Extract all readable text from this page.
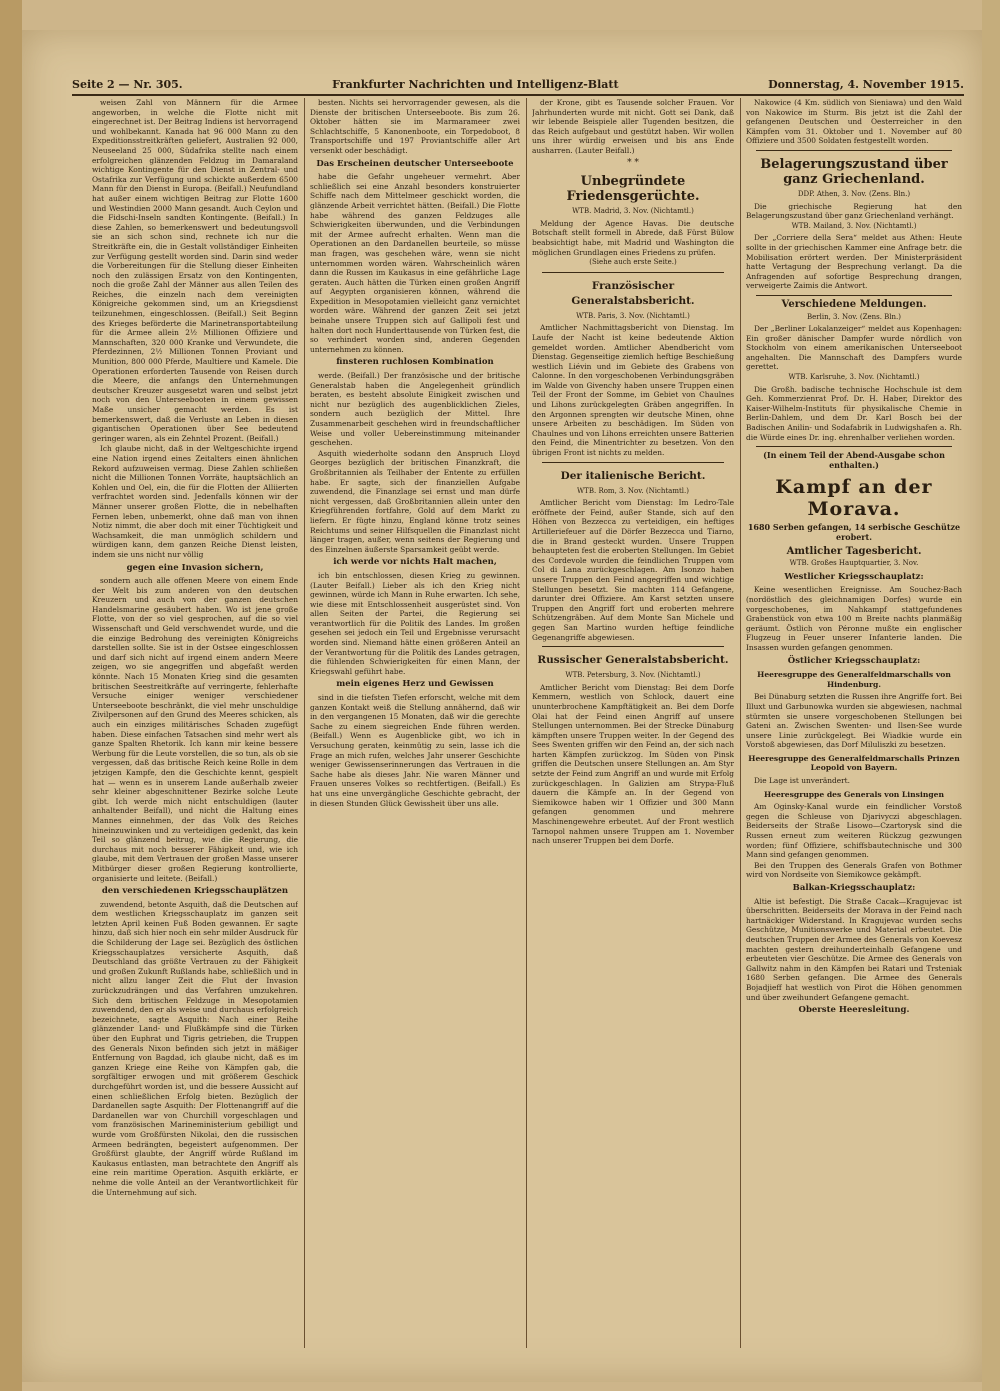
Seite 2 — Nr. 305.	Frankfurter Nachrichten und Intelligenz-Blatt	Donnerstag, 4. November 1915.

weisen Zahl von Männern für die Armee angeworben, in welche die Flotte nicht mit eingerechnet ist. Der Beitrag Indiens ist hervorragend und wohlbekannt. Kanada hat 96 000 Mann zu den Expeditionsstreitkräften geliefert, Australien 92 000, Neuseeland 25 000, Südafrika stellte nach einem erfolgreichen glänzenden Feldzug im Damaraland wichtige Kontingente für den Dienst in Zentral- und Ostafrika zur Verfügung und schickte außerdem 6500 Mann für den Dienst in Europa. (Beifall.) Neufundland hat außer einem wichtigen Beitrag zur Flotte 1600 und Westindien 2000 Mann gesandt. Auch Ceylon und die Fidschi-Inseln sandten Kontingente. (Beifall.) In diese Zahlen, so bemerkenswert und bedeutungsvoll sie an sich schon sind, rechnete ich nur die Streitkräfte ein, die in Gestalt vollständiger Einheiten zur Verfügung gestellt worden sind. Darin sind weder die Vorbereitungen für die Stellung dieser Einheiten noch den zulässigen Ersatz von den Kontingenten, noch die große Zahl der Männer aus allen Teilen des Reiches, die einzeln nach dem vereinigten Königreiche gekommen sind, um an Kriegsdienst teilzunehmen, eingeschlossen. (Beifall.) Seit Beginn des Krieges beförderte die Marinetransportabteilung für die Armee allein 2½ Millionen Offiziere und Mannschaften, 320 000 Kranke und Verwundete, die Pferdezinnen, 2½ Millionen Tonnen Proviant und Munition, 800 000 Pferde, Maultiere und Kamele. Die Operationen erforderten Tausende von Reisen durch die Meere, die anfangs den Unternehmungen deutscher Kreuzer ausgesetzt waren und selbst jetzt noch von den Unterseebooten in einem gewissen Maße unsicher gemacht werden. Es ist bemerkenswert, daß die Verluste an Leben in diesen gigantischen Operationen über See bedeutend geringer waren, als ein Zehntel Prozent. (Beifall.)

Ich glaube nicht, daß in der Weltgeschichte irgend eine Nation irgend eines Zeitalters einen ähnlichen Rekord aufzuweisen vermag. Diese Zahlen schließen nicht die Millionen Tonnen Vorräte, hauptsächlich an Kohlen und Oel, ein, die für die Flotten der Alliierten verfrachtet worden sind. Jedenfalls können wir der Männer unserer großen Flotte, die in nebelhaften Fernen leben, unbemerkt, ohne daß man von ihnen Notiz nimmt, die aber doch mit einer Tüchtigkeit und Wachsamkeit, die man unmöglich schildern und würdigen kann, dem ganzen Reiche Dienst leisten, indem sie uns nicht nur völlig

gegen eine Invasion sichern,

sondern auch alle offenen Meere von einem Ende der Welt bis zum anderen von den deutschen Kreuzern und auch von der ganzen deutschen Handelsmarine gesäubert haben. Wo ist jene große Flotte, von der so viel gesprochen, auf die so viel Wissenschaft und Geld verschwendet wurde, und die die einzige Bedrohung des vereinigten Königreichs darstellen sollte. Sie ist in der Ostsee eingeschlossen und darf sich nicht auf irgend einem andern Meere zeigen, wo sie angegriffen und abgefaßt werden könnte. Nach 15 Monaten Krieg sind die gesamten britischen Seestreitkräfte auf verringerte, fehlerhafte Versuche einiger weniger verschiedener Unterseeboote beschränkt, die viel mehr unschuldige Zivilpersonen auf den Grund des Meeres schicken, als auch ein einziges militärisches Schaden zugefügt haben. Diese einfachen Tatsachen sind mehr wert als ganze Spalten Rhetorik. Ich kann mir keine bessere Werbung für die Leute vorstellen, die so tun, als ob sie vergessen, daß das britische Reich keine Rolle in dem jetzigen Kampfe, den die Geschichte kennt, gespielt hat — wenn es in unserem Lande außerhalb zweier sehr kleiner abgeschnittener Bezirke solche Leute gibt. Ich werde mich nicht entschuldigen (lauter anhaltender Beifall), und nicht die Haltung eines Mannes einnehmen, der das Volk des Reiches hineinzuwinken und zu verteidigen gedenkt, das kein Teil so glänzend beitrug, wie die Regierung, die durchaus mit noch besserer Fähigkeit und, wie ich glaube, mit dem Vertrauen der großen Masse unserer Mitbürger dieser großen Regierung kontrollierte, organisierte und leitete. (Beifall.)

den verschiedenen Kriegsschauplätzen

zuwendend, betonte Asquith, daß die Deutschen auf dem westlichen Kriegsschauplatz im ganzen seit letzten April keinen Fuß Boden gewannen. Er sagte hinzu, daß sich hier noch ein sehr milder Ausdruck für die Schilderung der Lage sei. Bezüglich des östlichen Kriegsschauplatzes versicherte Asquith, daß Deutschland das größte Vertrauen zu der Fähigkeit und großen Zukunft Rußlands habe, schließlich und in nicht allzu langer Zeit die Flut der Invasion zurückzudrängen und das Verfahren umzukehren. Sich dem britischen Feldzuge in Mesopotamien zuwendend, den er als weise und durchaus erfolgreich bezeichnete, sagte Asquith: Nach einer Reihe glänzender Land- und Flußkämpfe sind die Türken über den Euphrat und Tigris getrieben, die Truppen des Generals Nixon befinden sich jetzt in mäßiger Entfernung von Bagdad, ich glaube nicht, daß es im ganzen Kriege eine Reihe von Kämpfen gab, die sorgfältiger erwogen und mit größerem Geschick durchgeführt worden ist, und die bessere Aussicht auf einen schließlichen Erfolg bieten. Bezüglich der Dardanellen sagte Asquith: Der Flottenangriff auf die Dardanellen war von Churchill vorgeschlagen und vom französischen Marineministerium gebilligt und wurde vom Großfürsten Nikolai, den die russischen Armeen bedrängten, begeistert aufgenommen. Der Großfürst glaubte, der Angriff würde Rußland im Kaukasus entlasten, man betrachtete den Angriff als eine rein maritime Operation. Asquith erklärte, er nehme die volle Anteil an der Verantwortlichkeit für die Unternehmung auf sich.

besten. Nichts sei hervorragender gewesen, als die Dienste der britischen Unterseeboote. Bis zum 26. Oktober hätten sie im Marmarameer zwei Schlachtschiffe, 5 Kanonenboote, ein Torpedoboot, 8 Transportschiffe und 197 Proviantschiffe aller Art versenkt oder beschädigt.

Das Erscheinen deutscher Unterseeboote

habe die Gefahr ungeheuer vermehrt. Aber schließlich sei eine Anzahl besonders konstruierter Schiffe nach dem Mittelmeer geschickt worden, die glänzende Arbeit verrichtet hätten. (Beifall.) Die Flotte habe während des ganzen Feldzuges alle Schwierigkeiten überwunden, und die Verbindungen mit der Armee aufrecht erhalten. Wenn man die Operationen an den Dardanellen beurteile, so müsse man fragen, was geschehen wäre, wenn sie nicht unternommen worden wären. Wahrscheinlich wären dann die Russen im Kaukasus in eine gefährliche Lage geraten. Auch hätten die Türken einen großen Angriff auf Aegypten organisieren können, während die Expedition in Mesopotamien vielleicht ganz vernichtet worden wäre. Während der ganzen Zeit sei jetzt beinahe unsere Truppen sich auf Gallipoli fest und halten dort noch Hunderttausende von Türken fest, die so verhindert worden sind, anderen Gegenden unternehmen zu können.

finsteren ruchlosen Kombination

werde. (Beifall.) Der französische und der britische Generalstab haben die Angelegenheit gründlich beraten, es besteht absolute Einigkeit zwischen und nicht nur bezüglich des augenblicklichen Zieles, sondern auch bezüglich der Mittel. Ihre Zusammenarbeit geschehen wird in freundschaftlicher Weise und voller Uebereinstimmung miteinander geschehen.

Asquith wiederholte sodann den Anspruch Lloyd Georges bezüglich der britischen Finanzkraft, die Großbritannien als Teilhaber der Entente zu erfüllen habe. Er sagte, sich der finanziellen Aufgabe zuwendend, die Finanzlage sei ernst und man dürfe nicht vergessen, daß Großbritannien allein unter den Kriegführenden fortfahre, Gold auf dem Markt zu liefern. Er fügte hinzu, England könne trotz seines Reichtums und seiner Hilfsquellen die Finanzlast nicht länger tragen, außer, wenn seitens der Regierung und des Einzelnen äußerste Sparsamkeit geübt werde.

ich werde vor nichts Halt machen,

ich bin entschlossen, diesen Krieg zu gewinnen. (Lauter Beifall.) Lieber als ich den Krieg nicht gewinnen, würde ich Mann in Ruhe erwarten. Ich sehe, wie diese mit Entschlossenheit ausgerüstet sind. Von allen Seiten der Partei, die Regierung sei verantwortlich für die Politik des Landes. Im großen gesehen sei jedoch ein Teil und Ergebnisse verursacht worden sind. Niemand hätte einen größeren Anteil an der Verantwortung für die Politik des Landes getragen, die fühlenden Schwierigkeiten für einen Mann, der Kriegswahl geführt habe.

mein eigenes Herz und Gewissen

sind in die tiefsten Tiefen erforscht, welche mit dem ganzen Kontakt weiß die Stellung annähernd, daß wir in den vergangenen 15 Monaten, daß wir die gerechte Sache zu einem siegreichen Ende führen werden. (Beifall.) Wenn es Augenblicke gibt, wo ich in Versuchung geraten, keinmütig zu sein, lasse ich die Frage an mich rufen, welches Jahr unserer Geschichte weniger Gewissenserinnerungen das Vertrauen in die Sache habe als dieses Jahr. Nie waren Männer und Frauen unseres Volkes so rechtfertigen. (Beifall.) Es hat uns eine unvergängliche Geschichte gebracht, der in diesen Stunden Glück Gewissheit über uns alle.

der Krone, gibt es Tausende solcher Frauen. Vor Jahrhunderten wurde mit nicht. Gott sei Dank, daß wir lebende Beispiele aller Tugenden besitzen, die das Reich aufgebaut und gestützt haben. Wir wollen uns ihrer würdig erweisen und bis ans Ende ausharren. (Lauter Beifall.)

* *
Unbegründete Friedensgerüchte.
WTB. Madrid, 3. Nov. (Nichtamtl.)

Meldung der Agence Havas. Die deutsche Botschaft stellt formell in Abrede, daß Fürst Bülow beabsichtigt habe, mit Madrid und Washington die möglichen Grundlagen eines Friedens zu prüfen.

(Siehe auch erste Seite.)
Französischer Generalstabsbericht.
WTB. Paris, 3. Nov. (Nichtamtl.)

Amtlicher Nachmittagsbericht von Dienstag. Im Laufe der Nacht ist keine bedeutende Aktion gemeldet worden. Amtlicher Abendbericht vom Dienstag. Gegenseitige ziemlich heftige Beschießung westlich Liévin und im Gebiete des Grabens von Calonne. In den vorgeschobenen Verbindungsgräben im Walde von Givenchy haben unsere Truppen einen Teil der Front der Somme, im Gebiet von Chaulnes und Lihons zurückgelegten Gräben angegriffen. In den Argonnen sprengten wir deutsche Minen, ohne unsere Arbeiten zu beschädigen. Im Süden von Chaulnes und von Lihons erreichten unsere Batterien den Feind, die Minentrichter zu besetzen. Von den übrigen Front ist nichts zu melden.

Der italienische Bericht.
WTB. Rom, 3. Nov. (Nichtamtl.)

Amtlicher Bericht vom Dienstag: Im Ledro-Tale eröffnete der Feind, außer Stande, sich auf den Höhen von Bezzecca zu verteidigen, ein heftiges Artilleriefeuer auf die Dörfer Bezzecca und Tiarno, die in Brand gesteckt wurden. Unsere Truppen behaupteten fest die eroberten Stellungen. Im Gebiet des Cordevole wurden die feindlichen Truppen vom Col di Lana zurückgeschlagen. Am Isonzo haben unsere Truppen den Feind angegriffen und wichtige Stellungen besetzt. Sie machten 114 Gefangene, darunter drei Offiziere. Am Karst setzten unsere Truppen den Angriff fort und eroberten mehrere Schützengräben. Auf dem Monte San Michele und gegen San Martino wurden heftige feindliche Gegenangriffe abgewiesen.

Russischer Generalstabsbericht.
WTB. Petersburg, 3. Nov. (Nichtamtl.)

Amtlicher Bericht vom Dienstag: Bei dem Dorfe Kemmern, westlich von Schlock, dauert eine ununterbrochene Kampftätigkeit an. Bei dem Dorfe Olai hat der Feind einen Angriff auf unsere Stellungen unternommen. Bei der Strecke Dünaburg kämpften unsere Truppen weiter. In der Gegend des Sees Swenten griffen wir den Feind an, der sich nach harten Kämpfen zurückzog. Im Süden von Pinsk griffen die Deutschen unsere Stellungen an. Am Styr setzte der Feind zum Angriff an und wurde mit Erfolg zurückgeschlagen. In Galizien am Strypa-Fluß dauern die Kämpfe an. In der Gegend von Siemikowce haben wir 1 Offizier und 300 Mann gefangen genommen und mehrere Maschinengewehre erbeutet. Auf der Front westlich Tarnopol nahmen unsere Truppen am 1. November nach unserer Truppen bei dem Dorfe.

Nakowice (4 Km. südlich von Sieniawa) und den Wald von Nakowice im Sturm. Bis jetzt ist die Zahl der gefangenen Deutschen und Oesterreicher in den Kämpfen vom 31. Oktober und 1. November auf 80 Offiziere und 3500 Soldaten festgestellt worden.

Belagerungszustand über ganz Griechenland.
DDP. Athen, 3. Nov. (Zens. Bln.)

Die griechische Regierung hat den Belagerungszustand über ganz Griechenland verhängt.

WTB. Mailand, 3. Nov. (Nichtamtl.)

Der „Corriere della Sera“ meldet aus Athen: Heute sollte in der griechischen Kammer eine Anfrage betr. die Mobilisation erörtert werden. Der Ministerpräsident hatte Vertagung der Besprechung verlangt. Da die Anfragenden auf sofortige Besprechung drangen, verweigerte Zaimis die Antwort.

Verschiedene Meldungen.
Berlin, 3. Nov. (Zens. Bln.)

Der „Berliner Lokalanzeiger“ meldet aus Kopenhagen: Ein großer dänischer Dampfer wurde nördlich von Stockholm von einem amerikanischen Unterseeboot angehalten. Die Mannschaft des Dampfers wurde gerettet.

WTB. Karlsruhe, 3. Nov. (Nichtamtl.)

Die Großh. badische technische Hochschule ist dem Geh. Kommerzienrat Prof. Dr. H. Haber, Direktor des Kaiser-Wilhelm-Instituts für physikalische Chemie in Berlin-Dahlem, und dem Dr. Karl Bosch bei der Badischen Anilin- und Sodafabrik in Ludwigshafen a. Rh. die Würde eines Dr. ing. ehrenhalber verliehen worden.

(In einem Teil der Abend-Ausgabe schon enthalten.)
Kampf an der Morava.
1680 Serben gefangen, 14 serbische Geschütze erobert.
Amtlicher Tagesbericht.
WTB. Großes Hauptquartier, 3. Nov.
Westlicher Kriegsschauplatz:

Keine wesentlichen Ereignisse. Am Souchez-Bach (nordöstlich des gleichnamigen Dorfes) wurde ein vorgeschobenes, im Nahkampf stattgefundenes Grabenstück von etwa 100 m Breite nachts planmäßig geräumt. Östlich von Péronne mußte ein englischer Flugzeug in Feuer unserer Infanterie landen. Die Insassen wurden gefangen genommen.

Östlicher Kriegsschauplatz:
Heeresgruppe des Generalfeldmarschalls von Hindenburg.

Bei Dünaburg setzten die Russen ihre Angriffe fort. Bei Illuxt und Garbunowka wurden sie abgewiesen, nachmal stürmten sie unsere vorgeschobenen Stellungen bei Gateni an. Zwischen Swenten- und Ilsen-See wurde unsere Linie zurückgelegt. Bei Wiadkie wurde ein Vorstoß abgewiesen, das Dorf Miluliszki zu besetzen.

Heeresgruppe des Generalfeldmarschalls Prinzen Leopold von Bayern.

Die Lage ist unverändert.

Heeresgruppe des Generals von Linsingen

Am Oginsky-Kanal wurde ein feindlicher Vorstoß gegen die Schleuse von Djarivyczi abgeschlagen. Beiderseits der Straße Lisowo—Czartorysk sind die Russen erneut zum weiteren Rückzug gezwungen worden; fünf Offiziere, schiffsbautechnische und 300 Mann sind gefangen genommen.

Bei den Truppen des Generals Grafen von Bothmer wird von Nordseite von Siemikowce gekämpft.

Balkan-Kriegsschauplatz:

Altie ist befestigt. Die Straße Cacak—Kragujevac ist überschritten. Beiderseits der Morava in der Feind nach hartnäckiger Widerstand. In Kragujevac wurden sechs Geschütze, Munitionswerke und Material erbeutet. Die deutschen Truppen der Armee des Generals von Koevesz machten gestern dreihunderteinhalb Gefangene und erbeuteten vier Geschütze. Die Armee des Generals von Gallwitz nahm in den Kämpfen bei Ratari und Trsteniak 1680 Serben gefangen. Die Armee des Generals Bojadjieff hat westlich von Pirot die Höhen genommen und über zweihundert Gefangene gemacht.

Oberste Heeresleitung.
